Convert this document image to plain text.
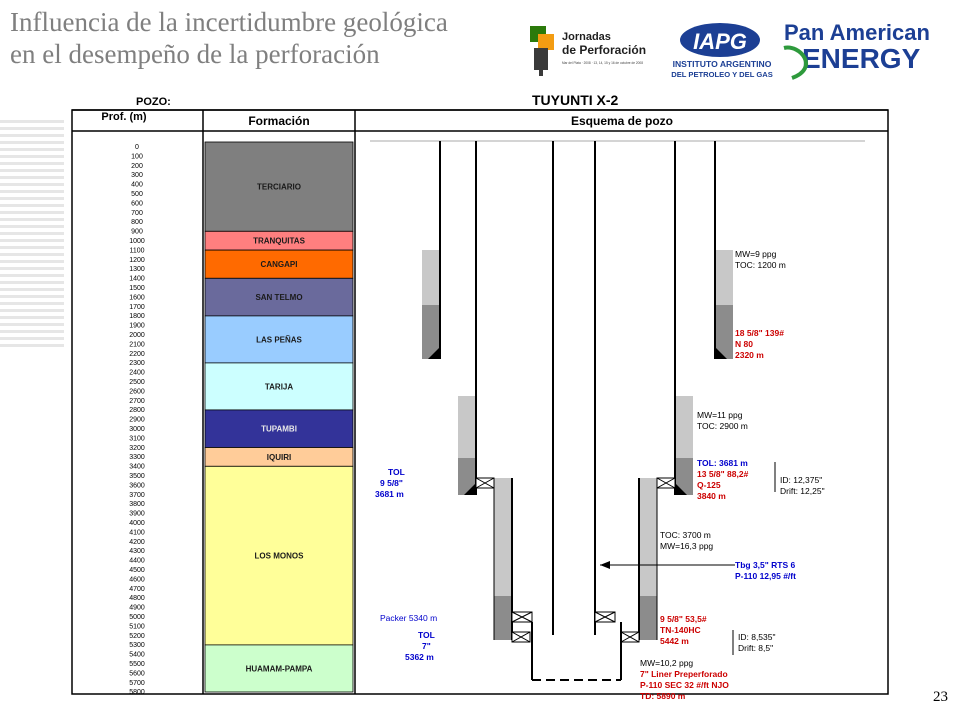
Influencia de la incertidumbre geológica
en el desempeño de la perforación
Jornadas
de Perforación
Mar del Plata · 2008 · 13, 14, 15 y 16 de octubre de 2008
IAPG
INSTITUTO ARGENTINO
DEL PETROLEO Y DEL GAS
Pan American
ENERGY
POZO:	TUYUNTI X-2
Prof. (m)	Formación	Esquema de pozo
0
100
200
300
400
500
600
700
800
900
1000
1100
1200
1300
1400
1500
1600
1700
1800
1900
2000
2100
2200
2300
2400
2500
2600
2700
2800
2900
3000
3100
3200
3300
3400
3500
3600
3700
3800
3900
4000
4100
4200
4300
4400
4500
4600
4700
4800
4900
5000
5100
5200
5300
5400
5500
5600
5700
5800
TERCIARIO
TRANQUITAS
CANGAPI
SAN TELMO
LAS PEÑAS
TARIJA
TUPAMBI
IQUIRI
LOS MONOS
HUAMAM-PAMPA
MW=9 ppg
TOC: 1200 m
18 5/8" 139#
N 80
2320 m
MW=11 ppg
TOC: 2900 m
TOL
9 5/8"
3681 m
TOL: 3681 m
13 5/8" 88,2#
Q-125
3840 m
ID: 12,375"
Drift: 12,25"
TOC: 3700 m
MW=16,3 ppg
Tbg 3,5" RTS 6
P-110 12,95 #/ft
Packer 5340 m
TOL
7"
5362 m
9 5/8" 53,5#
TN-140HC
5442 m	ID: 8,535"
Drift: 8,5"
MW=10,2 ppg
7" Liner Preperforado
P-110 SEC 32 #/ft NJO
TD: 5890 m	23
